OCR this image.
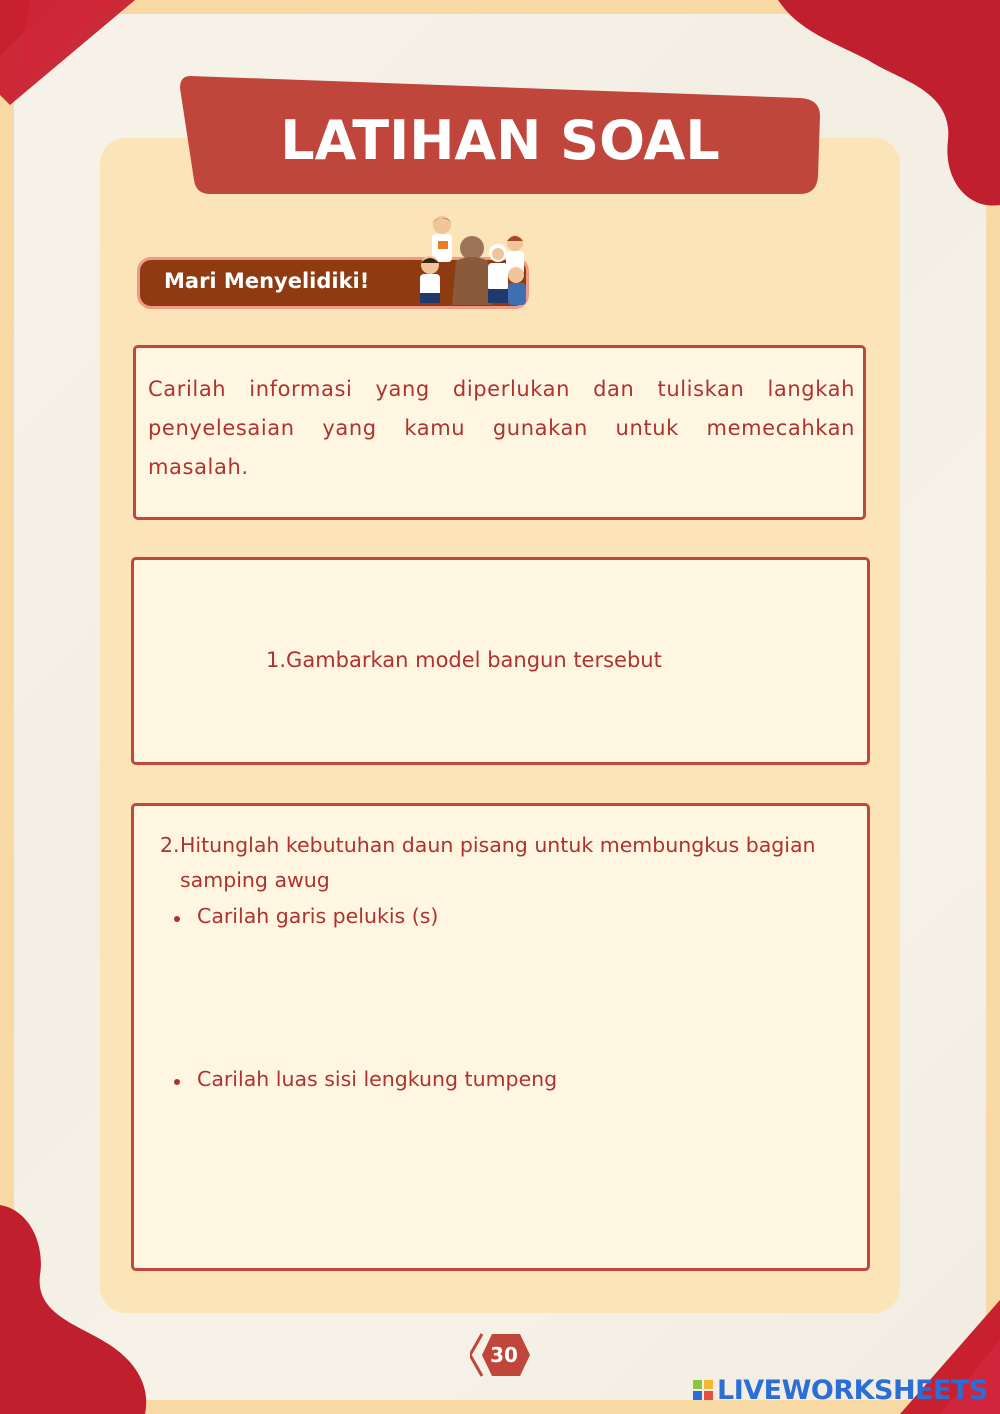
LATIHAN SOAL
Mari Menyelidiki!
Carilah informasi yang diperlukan dan tuliskan langkah penyelesaian yang kamu gunakan untuk memecahkan masalah.
1.Gambarkan model bangun tersebut
2. Hitunglah kebutuhan daun pisang untuk membungkus bagian samping awug
Carilah garis pelukis (s)
Carilah luas sisi lengkung tumpeng
30
LIVEWORKSHEETS
